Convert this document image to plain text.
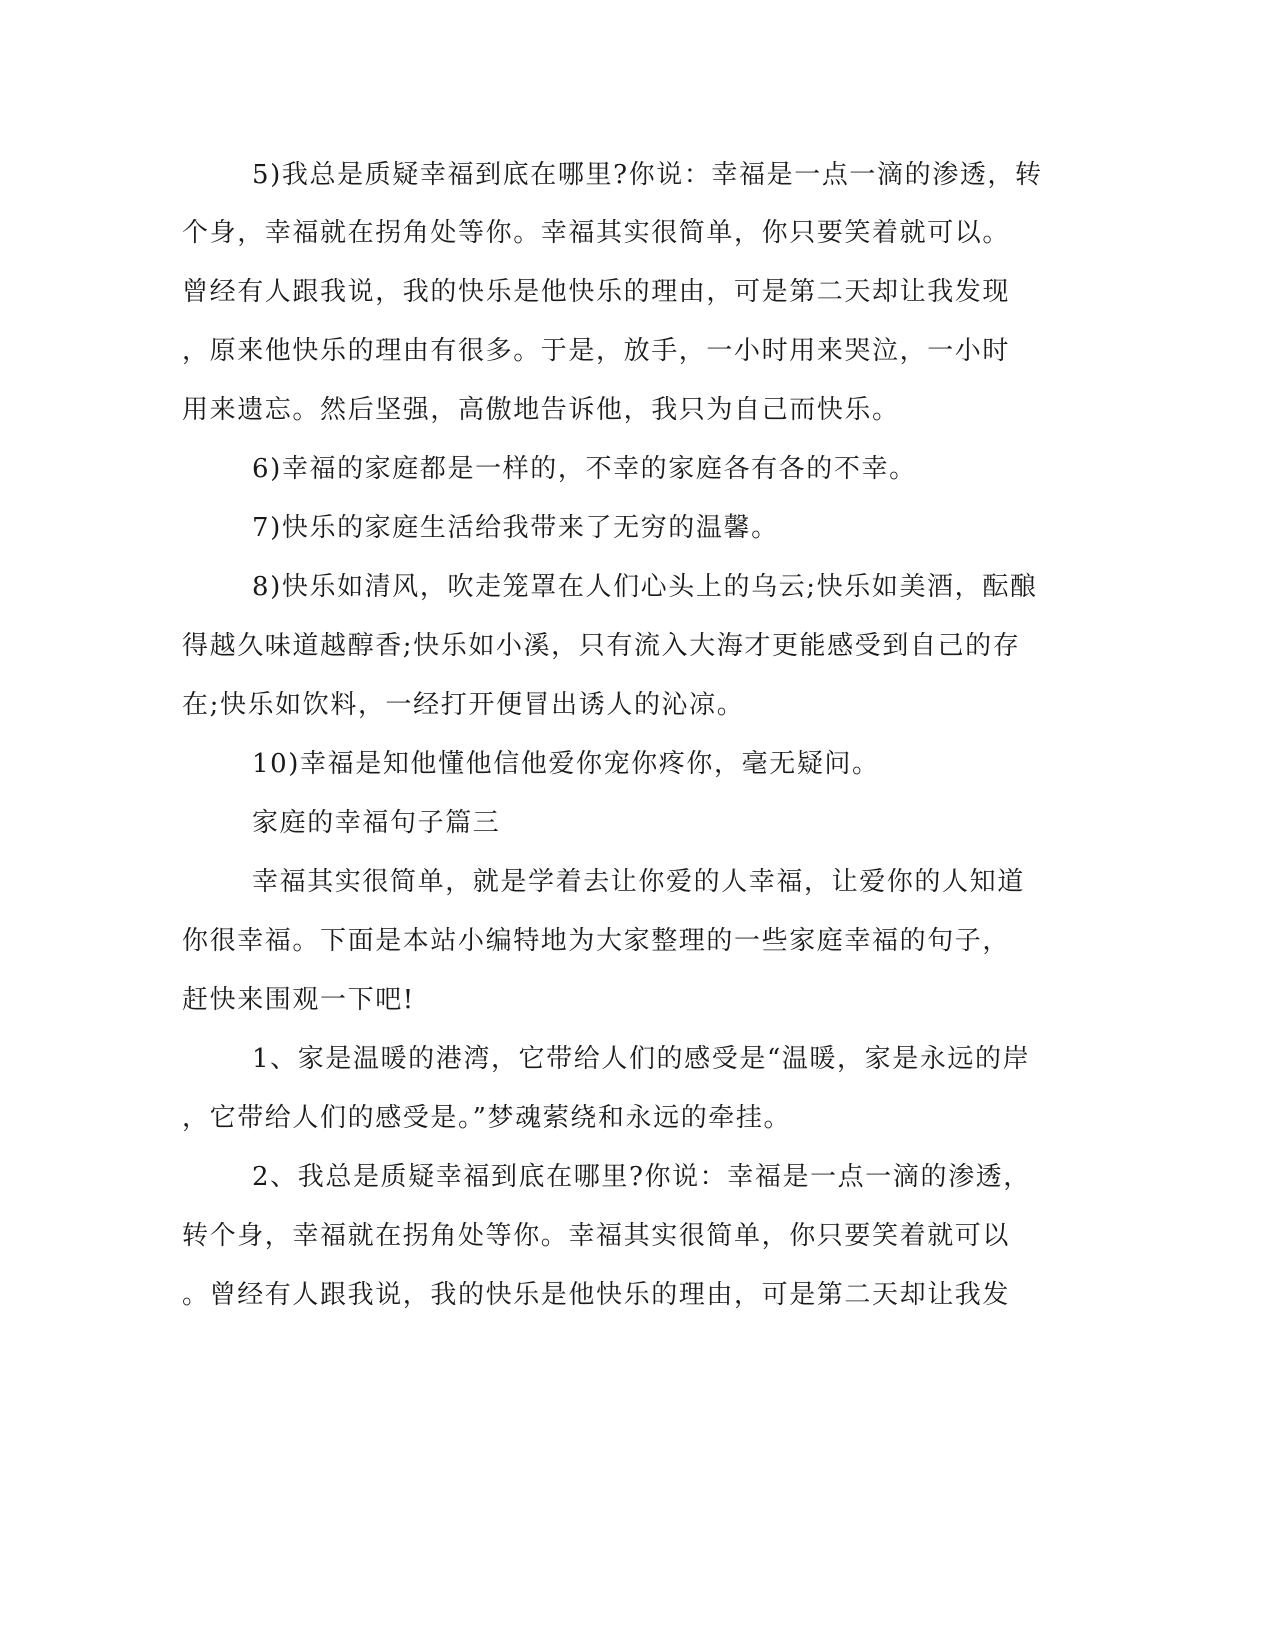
5)我总是质疑幸福到底在哪里?你说：幸福是一点一滴的渗透，转
个身，幸福就在拐角处等你。幸福其实很简单，你只要笑着就可以。
曾经有人跟我说，我的快乐是他快乐的理由，可是第二天却让我发现
，原来他快乐的理由有很多。于是，放手，一小时用来哭泣，一小时
用来遗忘。然后坚强，高傲地告诉他，我只为自己而快乐。
6)幸福的家庭都是一样的，不幸的家庭各有各的不幸。
7)快乐的家庭生活给我带来了无穷的温馨。
8)快乐如清风，吹走笼罩在人们心头上的乌云;快乐如美酒，酝酿
得越久味道越醇香;快乐如小溪，只有流入大海才更能感受到自己的存
在;快乐如饮料，一经打开便冒出诱人的沁凉。
10)幸福是知他懂他信他爱你宠你疼你，毫无疑问。
家庭的幸福句子篇三
幸福其实很简单，就是学着去让你爱的人幸福，让爱你的人知道
你很幸福。下面是本站小编特地为大家整理的一些家庭幸福的句子，
赶快来围观一下吧!
1、家是温暖的港湾，它带给人们的感受是“温暖，家是永远的岸
，它带给人们的感受是。”梦魂萦绕和永远的牵挂。
2、我总是质疑幸福到底在哪里?你说：幸福是一点一滴的渗透，
转个身，幸福就在拐角处等你。幸福其实很简单，你只要笑着就可以
。曾经有人跟我说，我的快乐是他快乐的理由，可是第二天却让我发
